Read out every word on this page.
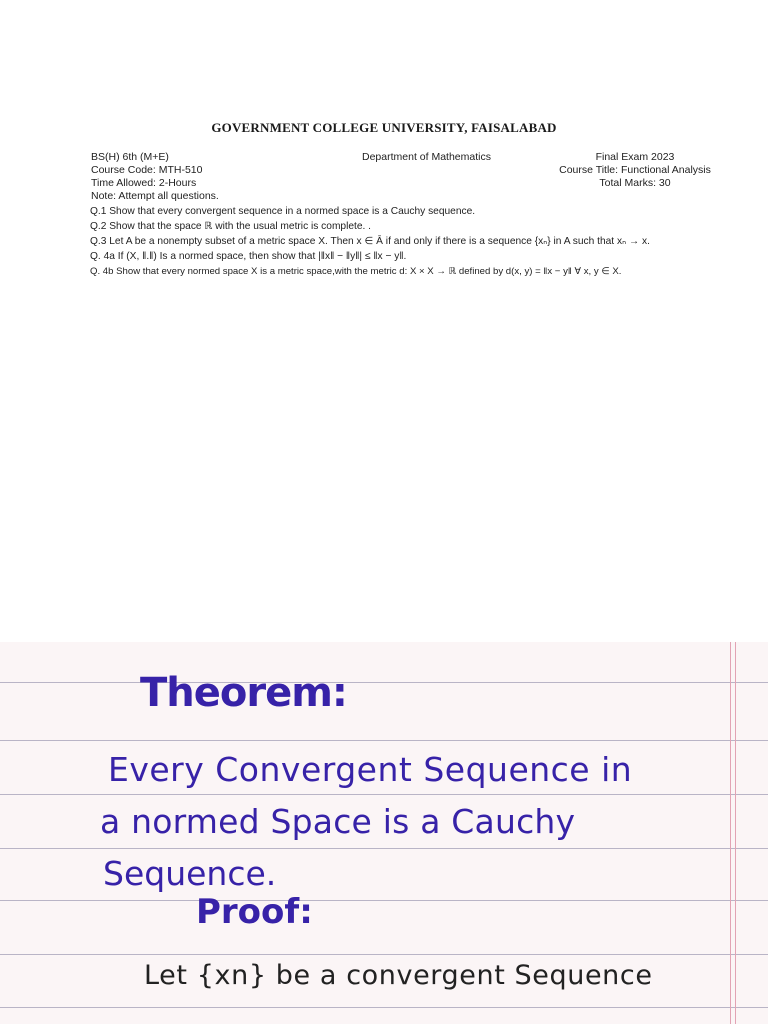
GOVERNMENT COLLEGE UNIVERSITY, FAISALABAD
BS(H) 6th (M+E)
Course Code: MTH-510
Time Allowed: 2-Hours
Department of Mathematics	Final Exam 2023
Course Title: Functional Analysis
Total Marks: 30
Note: Attempt all questions.
Q.1 Show that every convergent sequence in a normed space is a Cauchy sequence.
Q.2 Show that the space ℝ with the usual metric is complete. .
Q.3 Let A be a nonempty subset of a metric space X. Then x ∈ Ā if and only if there is a sequence {xₙ} in A such that xₙ → x.
Q. 4a If (X, ‖.‖) Is a normed space, then show that |‖x‖ − ‖y‖| ≤ ‖x − y‖.
Q. 4b Show that every normed space X is a metric space,with the metric d: X × X → ℝ defined by d(x, y) = ‖x − y‖ ∀ x, y ∈ X.
Theorem:
Every Convergent Sequence in
a normed Space is a Cauchy
Sequence.
Proof:
Let {xn} be a convergent Sequence
